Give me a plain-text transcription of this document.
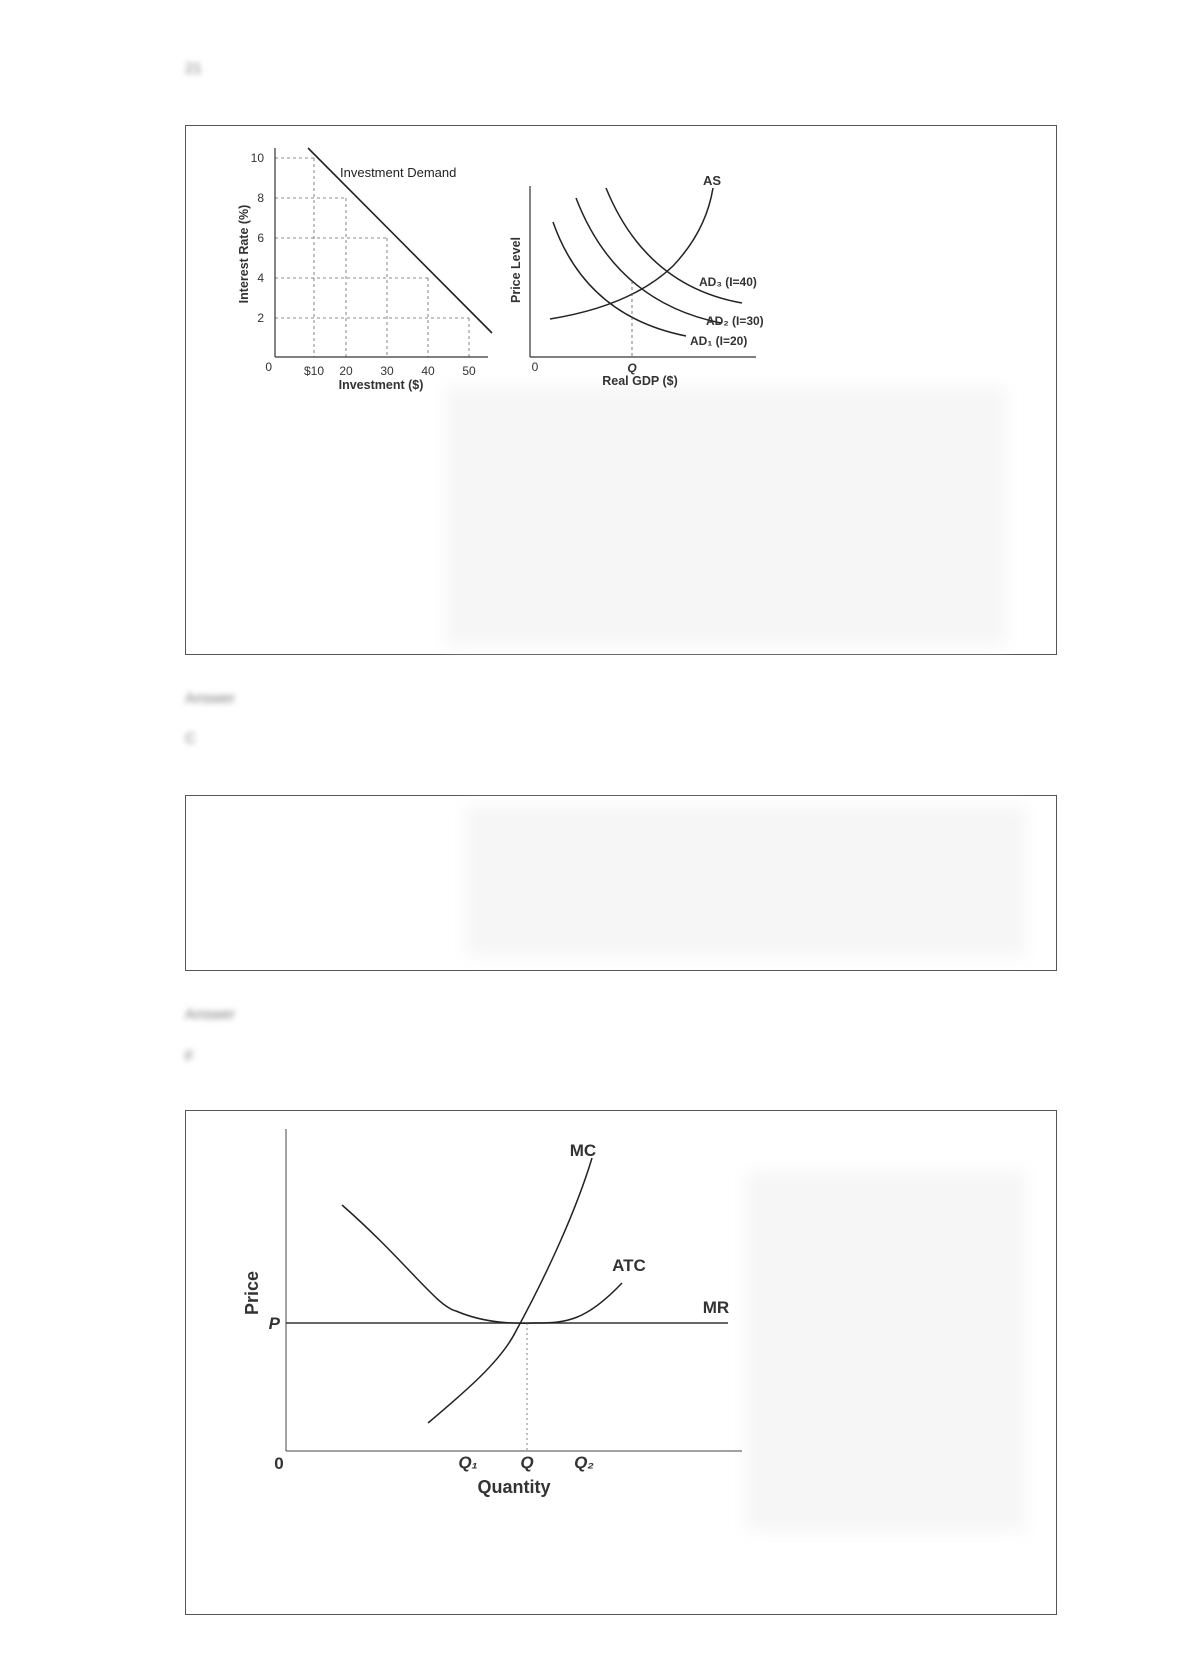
21
10
8
6
4
2
0	$10 20 30 40 50
Investment Demand
Investment ($)
Interest Rate (%)
0	Q
Real GDP ($)
Price Level
AS
AD₃ (I=40)
AD₂ (I=30)
AD₁ (I=20)
Answer
C
Answer
F
Price
P
0
MC
ATC
MR
Q₁	Q Q₂
Quantity
